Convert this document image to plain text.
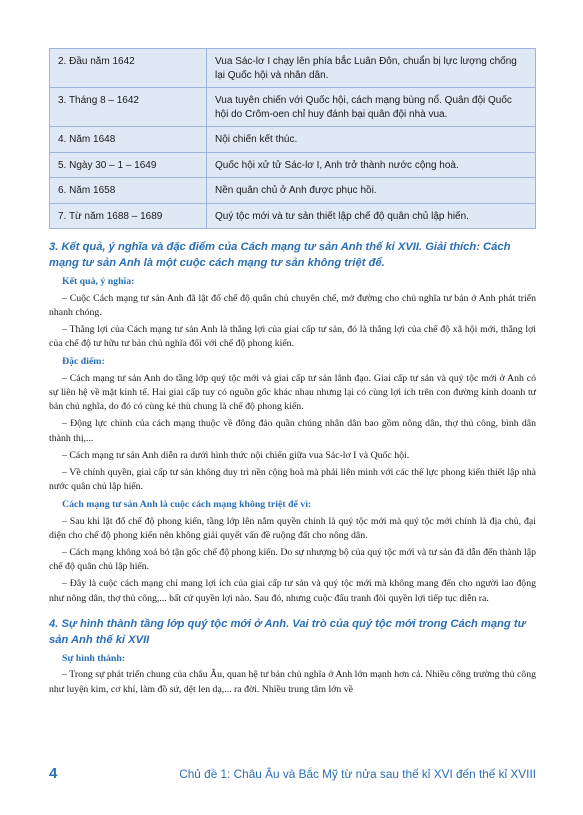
2. Đầu năm 1642	Vua Sác-lơ I chạy lên phía bắc Luân Đôn, chuẩn bị lực lượng chống lại Quốc hội và nhân dân.
3. Tháng 8 – 1642	Vua tuyên chiến với Quốc hội, cách mạng bùng nổ. Quân đội Quốc hội do Crôm-oen chỉ huy đánh bại quân đội nhà vua.
4. Năm 1648	Nội chiến kết thúc.
5. Ngày 30 – 1 – 1649	Quốc hội xử tử Sác-lơ I, Anh trở thành nước cộng hoà.
6. Năm 1658	Nền quân chủ ở Anh được phục hồi.
7. Từ năm 1688 – 1689	Quý tộc mới và tư sản thiết lập chế độ quân chủ lập hiến.
3. Kết quả, ý nghĩa và đặc điểm của Cách mạng tư sản Anh thế kỉ XVII. Giải thích: Cách mạng tư sản Anh là một cuộc cách mạng tư sản không triệt để.
Kết quả, ý nghĩa:

– Cuộc Cách mạng tư sản Anh đã lật đổ chế độ quân chủ chuyên chế, mở đường cho chủ nghĩa tư bản ở Anh phát triển nhanh chóng.

– Thắng lợi của Cách mạng tư sản Anh là thắng lợi của giai cấp tư sản, đó là thắng lợi của chế độ xã hội mới, thắng lợi của chế độ tư hữu tư bản chủ nghĩa đối với chế độ phong kiến.

Đặc điểm:

– Cách mạng tư sản Anh do tầng lớp quý tộc mới và giai cấp tư sản lãnh đạo. Giai cấp tư sản và quý tộc mới ở Anh có sự liên hệ về mặt kinh tế. Hai giai cấp tuy có nguồn gốc khác nhau nhưng lại có cùng lợi ích trên con đường kinh doanh tư bản chủ nghĩa, do đó có cùng kẻ thù chung là chế độ phong kiến.

– Động lực chính của cách mạng thuộc về đông đảo quần chúng nhân dân bao gồm nông dân, thợ thủ công, bình dân thành thị,...

– Cách mạng tư sản Anh diễn ra dưới hình thức nội chiến giữa vua Sác-lơ I và Quốc hội.

– Về chính quyền, giai cấp tư sản không duy trì nền cộng hoà mà phải liên minh với các thế lực phong kiến thiết lập nhà nước quân chủ lập hiến.

Cách mạng tư sản Anh là cuộc cách mạng không triệt để vì:

– Sau khi lật đổ chế độ phong kiến, tầng lớp lên nắm quyền chính là quý tộc mới mà quý tộc mới chính là địa chủ, đại diện cho chế độ phong kiến nên không giải quyết vấn đề ruộng đất cho nông dân.

– Cách mạng không xoá bỏ tận gốc chế độ phong kiến. Do sự nhượng bộ của quý tộc mới và tư sản đã dẫn đến thành lập chế độ quân chủ lập hiến.

– Đây là cuộc cách mạng chỉ mang lợi ích của giai cấp tư sản và quý tộc mới mà không mang đến cho người lao động như nông dân, thợ thủ công,... bất cứ quyền lợi nào. Sau đó, nhưng cuộc đấu tranh đòi quyền lợi tiếp tục diễn ra.

4. Sự hình thành tầng lớp quý tộc mới ở Anh. Vai trò của quý tộc mới trong Cách mạng tư sản Anh thế kỉ XVII
Sự hình thành:

– Trong sự phát triển chung của châu Âu, quan hệ tư bản chủ nghĩa ở Anh lớn mạnh hơn cả. Nhiều công trường thủ công như luyện kim, cơ khí, làm đồ sứ, dệt len dạ,... ra đời. Nhiều trung tâm lớn về

4	Chủ đề 1: Châu Âu và Bắc Mỹ từ nửa sau thế kỉ XVI đến thế kỉ XVIII
